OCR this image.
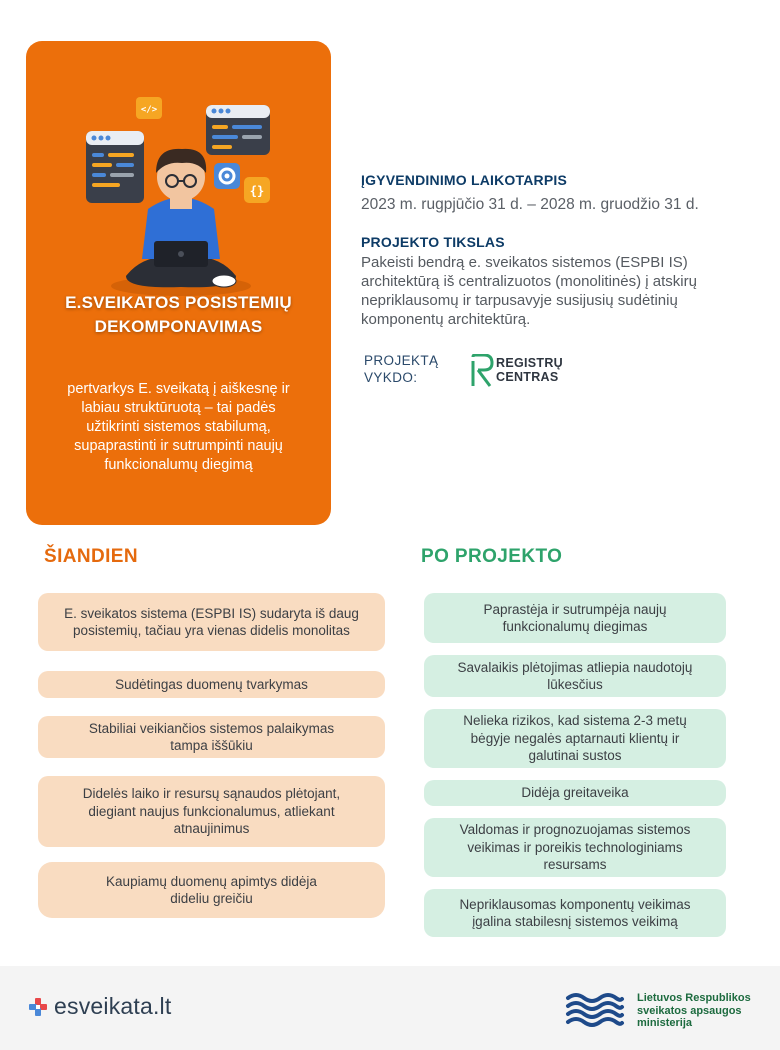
</>
{}
E.SVEIKATOS POSISTEMIŲ
DEKOMPONAVIMAS
pertvarkys E. sveikatą į aiškesnę ir
labiau struktūruotą – tai padės
užtikrinti sistemos stabilumą,
supaprastinti ir sutrumpinti naujų
funkcionalumų diegimą
ĮGYVENDINIMO LAIKOTARPIS
2023 m. rugpjūčio 31 d. – 2028 m. gruodžio 31 d.
PROJEKTO TIKSLAS
Pakeisti bendrą e. sveikatos sistemos (ESPBI IS)
architektūrą iš centralizuotos (monolitinės) į atskirų
nepriklausomų ir tarpusavyje susijusių sudėtinių
komponentų architektūrą.
PROJEKTĄ
VYKDO:
REGISTRŲ
CENTRAS
ŠIANDIEN	PO PROJEKTO
E. sveikatos sistema (ESPBI IS) sudaryta iš daug
posistemių, tačiau yra vienas didelis monolitas
Sudėtingas duomenų tvarkymas
Stabiliai veikiančios sistemos palaikymas
tampa iššūkiu
Didelės laiko ir resursų sąnaudos plėtojant,
diegiant naujus funkcionalumus, atliekant
atnaujinimus
Kaupiamų duomenų apimtys didėja
dideliu greičiu
Paprastėja ir sutrumpėja naujų
funkcionalumų diegimas
Savalaikis plėtojimas atliepia naudotojų
lūkesčius
Nelieka rizikos, kad sistema 2-3 metų
bėgyje negalės aptarnauti klientų ir
galutinai sustos
Didėja greitaveika
Valdomas ir prognozuojamas sistemos
veikimas ir poreikis technologiniams
resursams
Nepriklausomas komponentų veikimas
įgalina stabilesnį sistemos veikimą
esveikata.lt	Lietuvos Respublikos
sveikatos apsaugos
ministerija
